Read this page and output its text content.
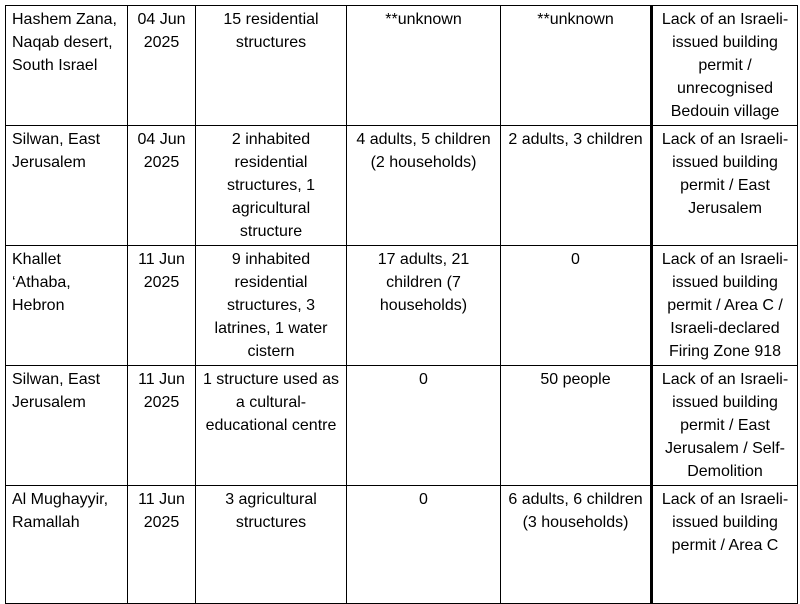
Hashem Zana, Naqab desert, South Israel	04 Jun 2025	15 residential structures	**unknown	**unknown	Lack of an Israeli-issued building permit / unrecognised Bedouin village
Silwan, East Jerusalem	04 Jun 2025	2 inhabited residential structures, 1 agricultural structure	4 adults, 5 children (2 households)	2 adults, 3 children	Lack of an Israeli-issued building permit / East Jerusalem
Khallet ‘Athaba, Hebron	11 Jun 2025	9 inhabited residential structures, 3 latrines, 1 water cistern	17 adults, 21 children (7 households)	0	Lack of an Israeli-issued building permit / Area C / Israeli-declared Firing Zone 918
Silwan, East Jerusalem	11 Jun 2025	1 structure used as a cultural-educational centre	0	50 people	Lack of an Israeli-issued building permit / East Jerusalem / Self-Demolition
Al Mughayyir, Ramallah	11 Jun 2025	3 agricultural structures	0	6 adults, 6 children (3 households)	Lack of an Israeli-issued building permit / Area C
